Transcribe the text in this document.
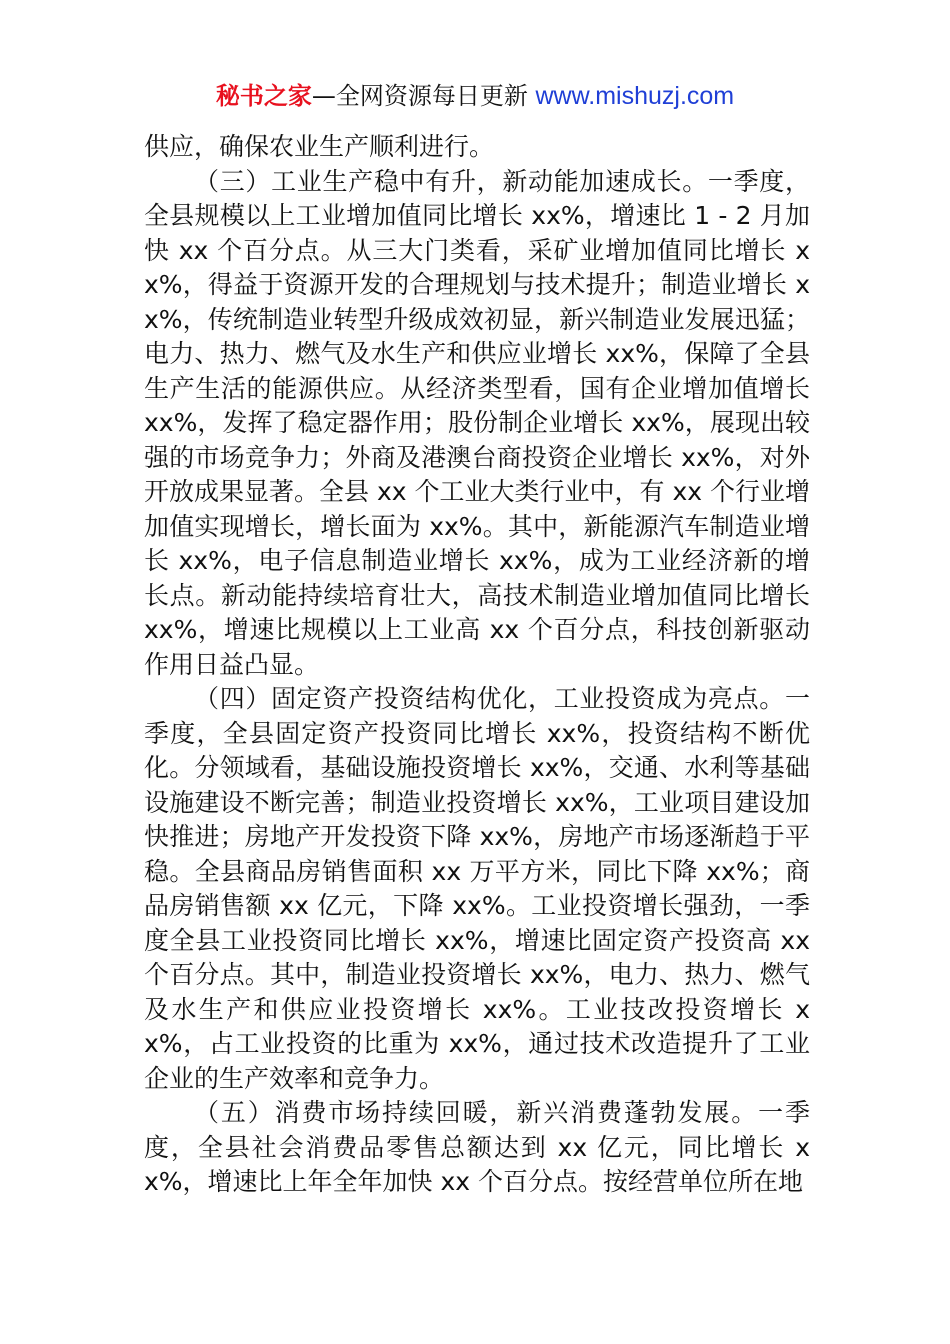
秘书之家—全网资源每日更新 www.mishuzj.com

供应，确保农业生产顺利进行。

（三）工业生产稳中有升，新动能加速成长。一季度，全县规模以上工业增加值同比增长 xx%，增速比 1 - 2 月加快 xx 个百分点。从三大门类看，采矿业增加值同比增长 xx%，得益于资源开发的合理规划与技术提升；制造业增长 xx%，传统制造业转型升级成效初显，新兴制造业发展迅猛；电力、热力、燃气及水生产和供应业增长 xx%，保障了全县生产生活的能源供应。从经济类型看，国有企业增加值增长 xx%，发挥了稳定器作用；股份制企业增长 xx%，展现出较强的市场竞争力；外商及港澳台商投资企业增长 xx%，对外开放成果显著。全县 xx 个工业大类行业中，有 xx 个行业增加值实现增长，增长面为 xx%。其中，新能源汽车制造业增长 xx%，电子信息制造业增长 xx%，成为工业经济新的增长点。新动能持续培育壮大，高技术制造业增加值同比增长 xx%，增速比规模以上工业高 xx 个百分点，科技创新驱动作用日益凸显。

（四）固定资产投资结构优化，工业投资成为亮点。一季度，全县固定资产投资同比增长 xx%，投资结构不断优化。分领域看，基础设施投资增长 xx%，交通、水利等基础设施建设不断完善；制造业投资增长 xx%，工业项目建设加快推进；房地产开发投资下降 xx%，房地产市场逐渐趋于平稳。全县商品房销售面积 xx 万平方米，同比下降 xx%；商品房销售额 xx 亿元，下降 xx%。工业投资增长强劲，一季度全县工业投资同比增长 xx%，增速比固定资产投资高 xx 个百分点。其中，制造业投资增长 xx%，电力、热力、燃气及水生产和供应业投资增长 xx%。工业技改投资增长 xx%，占工业投资的比重为 xx%，通过技术改造提升了工业企业的生产效率和竞争力。

（五）消费市场持续回暖，新兴消费蓬勃发展。一季度，全县社会消费品零售总额达到 xx 亿元，同比增长 xx%，增速比上年全年加快 xx 个百分点。按经营单位所在地
